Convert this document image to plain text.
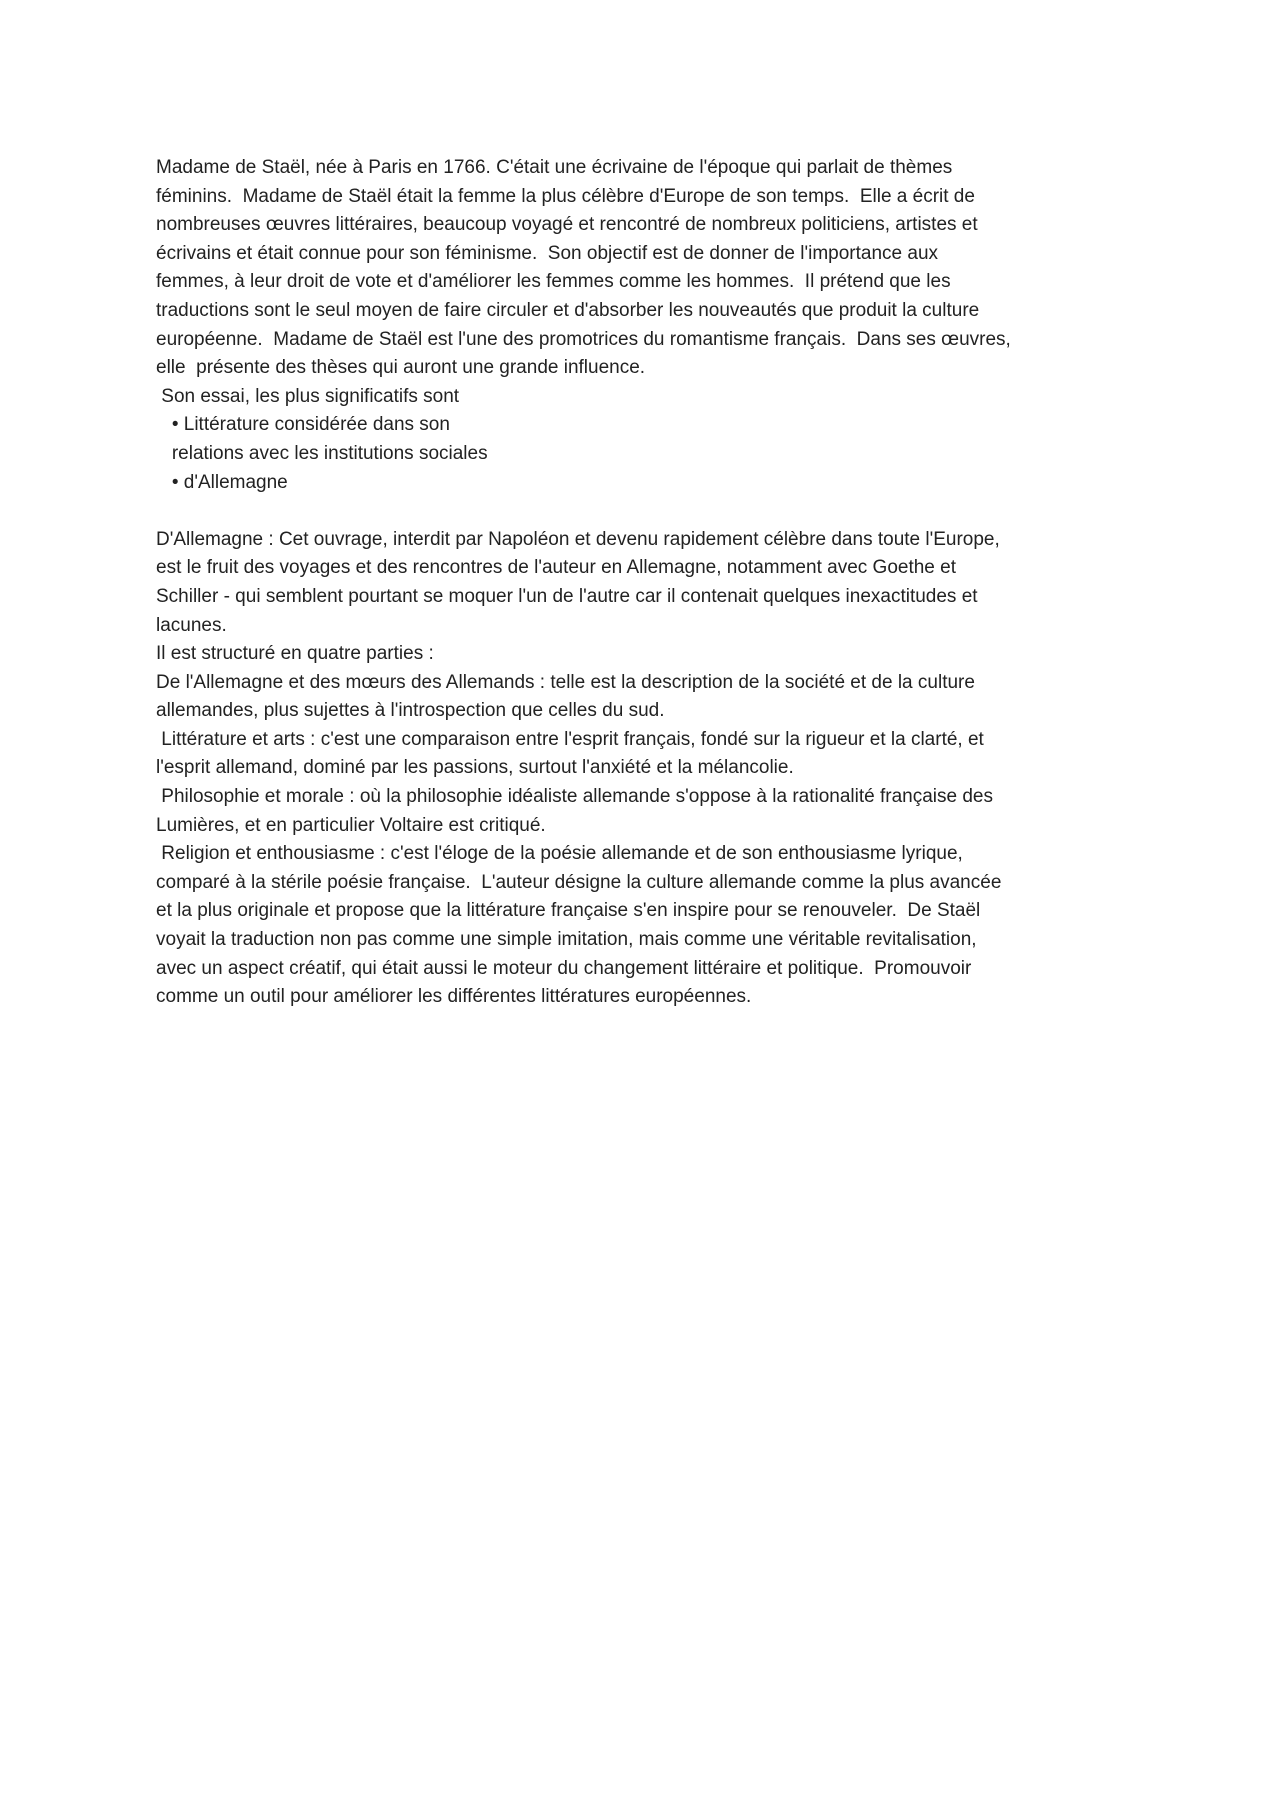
Madame de Staël, née à Paris en 1766. C'était une écrivaine de l'époque qui parlait de thèmes
féminins.  Madame de Staël était la femme la plus célèbre d'Europe de son temps.  Elle a écrit de
nombreuses œuvres littéraires, beaucoup voyagé et rencontré de nombreux politiciens, artistes et
écrivains et était connue pour son féminisme.  Son objectif est de donner de l'importance aux
femmes, à leur droit de vote et d'améliorer les femmes comme les hommes.  Il prétend que les
traductions sont le seul moyen de faire circuler et d'absorber les nouveautés que produit la culture
européenne.  Madame de Staël est l'une des promotrices du romantisme français.  Dans ses œuvres,
elle  présente des thèses qui auront une grande influence.
Son essai, les plus significatifs sont
• Littérature considérée dans son
relations avec les institutions sociales
• d'Allemagne
D'Allemagne : Cet ouvrage, interdit par Napoléon et devenu rapidement célèbre dans toute l'Europe,
est le fruit des voyages et des rencontres de l'auteur en Allemagne, notamment avec Goethe et
Schiller - qui semblent pourtant se moquer l'un de l'autre car il contenait quelques inexactitudes et
lacunes.
Il est structuré en quatre parties :
De l'Allemagne et des mœurs des Allemands : telle est la description de la société et de la culture
allemandes, plus sujettes à l'introspection que celles du sud.
Littérature et arts : c'est une comparaison entre l'esprit français, fondé sur la rigueur et la clarté, et
l'esprit allemand, dominé par les passions, surtout l'anxiété et la mélancolie.
Philosophie et morale : où la philosophie idéaliste allemande s'oppose à la rationalité française des
Lumières, et en particulier Voltaire est critiqué.
Religion et enthousiasme : c'est l'éloge de la poésie allemande et de son enthousiasme lyrique,
comparé à la stérile poésie française.  L'auteur désigne la culture allemande comme la plus avancée
et la plus originale et propose que la littérature française s'en inspire pour se renouveler.  De Staël
voyait la traduction non pas comme une simple imitation, mais comme une véritable revitalisation,
avec un aspect créatif, qui était aussi le moteur du changement littéraire et politique.  Promouvoir
comme un outil pour améliorer les différentes littératures européennes.
